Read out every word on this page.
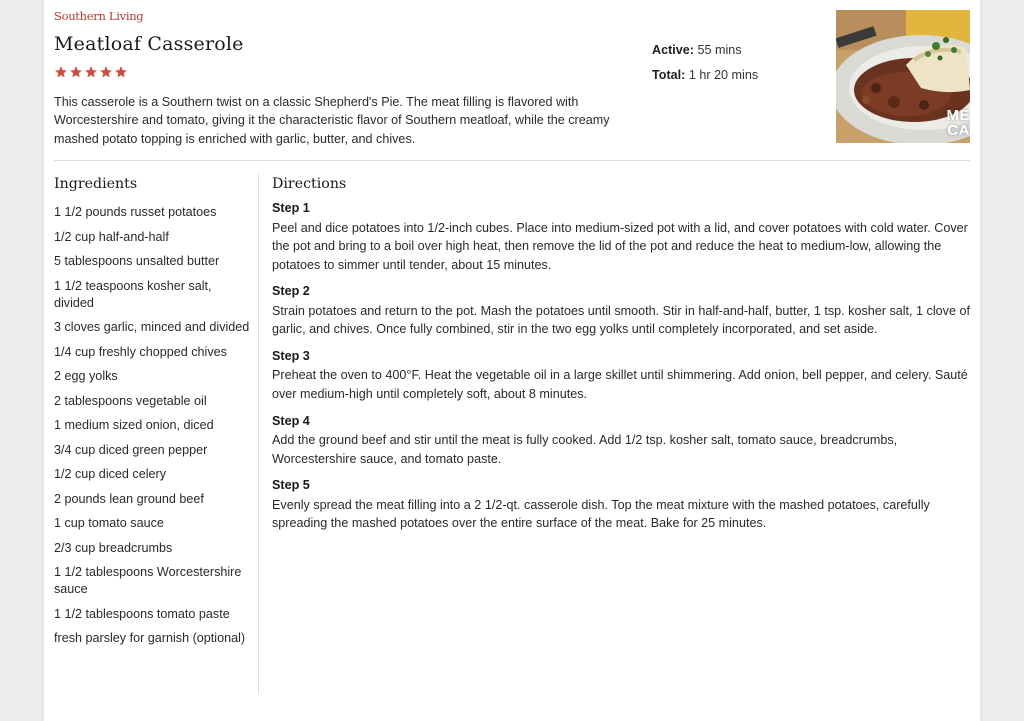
Southern Living
Meatloaf Casserole

This casserole is a Southern twist on a classic Shepherd's Pie. The meat filling is flavored with Worcestershire and tomato, giving it the characteristic flavor of Southern meatloaf, while the creamy mashed potato topping is enriched with garlic, butter, and chives.

Active: 55 mins
Total: 1 hr 20 mins
ME
CA
Ingredients
1 1/2 pounds russet potatoes
1/2 cup half-and-half
5 tablespoons unsalted butter
1 1/2 teaspoons kosher salt, divided
3 cloves garlic, minced and divided
1/4 cup freshly chopped chives
2 egg yolks
2 tablespoons vegetable oil
1 medium sized onion, diced
3/4 cup diced green pepper
1/2 cup diced celery
2 pounds lean ground beef
1 cup tomato sauce
2/3 cup breadcrumbs
1 1/2 tablespoons Worcestershire sauce
1 1/2 tablespoons tomato paste
fresh parsley for garnish (optional)
Directions
Step 1

Peel and dice potatoes into 1/2-inch cubes. Place into medium-sized pot with a lid, and cover potatoes with cold water. Cover the pot and bring to a boil over high heat, then remove the lid of the pot and reduce the heat to medium-low, allowing the potatoes to simmer until tender, about 15 minutes.

Step 2

Strain potatoes and return to the pot. Mash the potatoes until smooth. Stir in half-and-half, butter, 1 tsp. kosher salt, 1 clove of garlic, and chives. Once fully combined, stir in the two egg yolks until completely incorporated, and set aside.

Step 3

Preheat the oven to 400°F. Heat the vegetable oil in a large skillet until shimmering. Add onion, bell pepper, and celery. Sauté over medium-high until completely soft, about 8 minutes.

Step 4

Add the ground beef and stir until the meat is fully cooked. Add 1/2 tsp. kosher salt, tomato sauce, breadcrumbs, Worcestershire sauce, and tomato paste.

Step 5

Evenly spread the meat filling into a 2 1/2-qt. casserole dish. Top the meat mixture with the mashed potatoes, carefully spreading the mashed potatoes over the entire surface of the meat. Bake for 25 minutes.
